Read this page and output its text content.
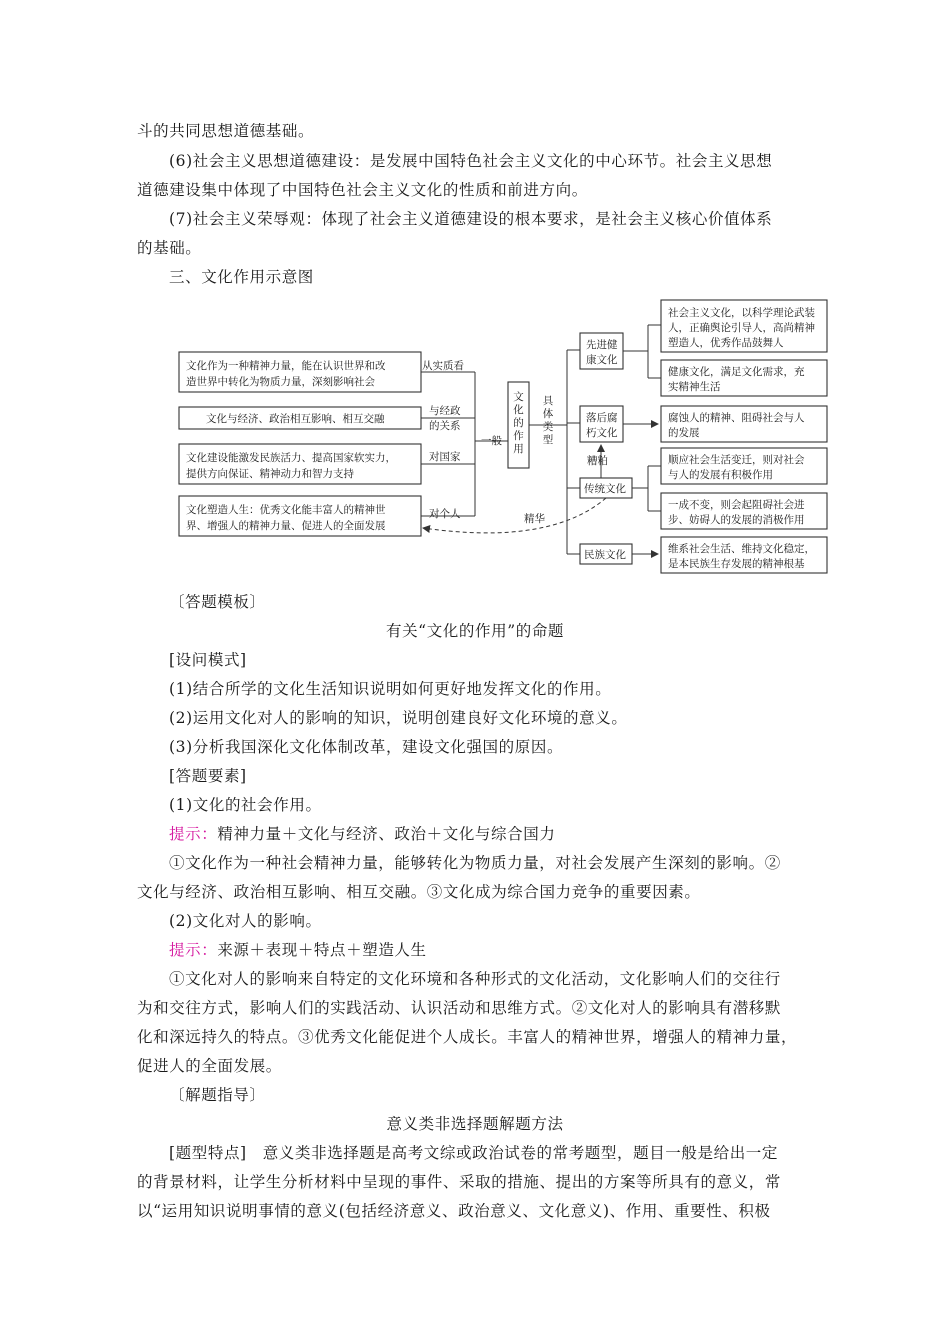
斗的共同思想道德基础。
(6)社会主义思想道德建设：是发展中国特色社会主义文化的中心环节。社会主义思想
道德建设集中体现了中国特色社会主义文化的性质和前进方向。
(7)社会主义荣辱观：体现了社会主义道德建设的根本要求，是社会主义核心价值体系
的基础。
三、文化作用示意图
文化作为一种精神力量，能在认识世界和改
造世界中转化为物质力量，深刻影响社会
文化与经济、政治相互影响、相互交融
文化建设能激发民族活力、提高国家软实力，
提供方向保证、精神动力和智力支持
文化塑造人生：优秀文化能丰富人的精神世
界、增强人的精神力量、促进人的全面发展
从实质看
与经政
的关系
对国家
对个人
一般
文化的作用
具体类型
先进健
康文化
落后腐
朽文化
传统文化
民族文化
糟粕
社会主义文化，以科学理论武装
人，正确舆论引导人，高尚精神
塑造人，优秀作品鼓舞人
健康文化，满足文化需求，充
实精神生活
腐蚀人的精神、阻碍社会与人
的发展
顺应社会生活变迁，则对社会
与人的发展有积极作用
一成不变，则会起阻碍社会进
步、妨碍人的发展的消极作用
维系社会生活、维持文化稳定，
是本民族生存发展的精神根基
精华
〔答题模板〕
有关“文化的作用”的命题
[设问模式]
(1)结合所学的文化生活知识说明如何更好地发挥文化的作用。
(2)运用文化对人的影响的知识，说明创建良好文化环境的意义。
(3)分析我国深化文化体制改革，建设文化强国的原因。
[答题要素]
(1)文化的社会作用。
提示：精神力量＋文化与经济、政治＋文化与综合国力
①文化作为一种社会精神力量，能够转化为物质力量，对社会发展产生深刻的影响。②
文化与经济、政治相互影响、相互交融。③文化成为综合国力竞争的重要因素。
(2)文化对人的影响。
提示：来源＋表现＋特点＋塑造人生
①文化对人的影响来自特定的文化环境和各种形式的文化活动，文化影响人们的交往行
为和交往方式，影响人们的实践活动、认识活动和思维方式。②文化对人的影响具有潜移默
化和深远持久的特点。③优秀文化能促进个人成长。丰富人的精神世界，增强人的精神力量，
促进人的全面发展。
〔解题指导〕
意义类非选择题解题方法
[题型特点]　意义类非选择题是高考文综或政治试卷的常考题型，题目一般是给出一定
的背景材料，让学生分析材料中呈现的事件、采取的措施、提出的方案等所具有的意义，常
以“运用知识说明事情的意义(包括经济意义、政治意义、文化意义)、作用、重要性、积极
